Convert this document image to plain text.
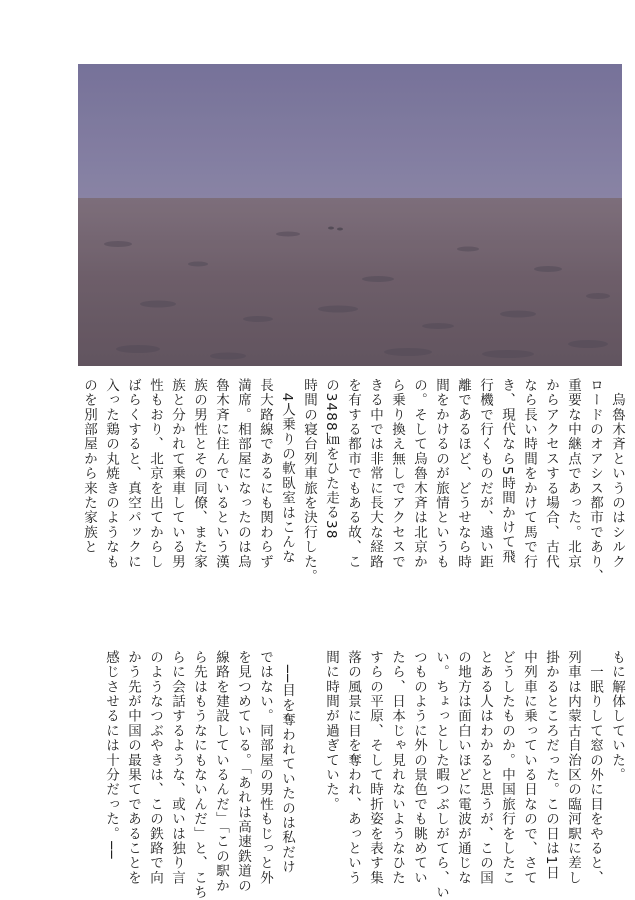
　烏魯木斉というのはシルク
ロードのオアシス都市であり、
重要な中継点であった。北京
からアクセスする場合、古代
なら長い時間をかけて馬で行
き、現代なら5時間かけて飛
行機で行くものだが、遠い距
離であるほど、どうせなら時
間をかけるのが旅情というも
の。そして烏魯木斉は北京か
ら乗り換え無しでアクセスで
きる中では非常に長大な経路
を有する都市でもある故、こ
の3488㎞をひた走る38
時間の寝台列車旅を決行した。
　4人乗りの軟臥室はこんな
長大路線であるにも関わらず
満席。相部屋になったのは烏
魯木斉に住んでいるという漢
族の男性とその同僚、また家
族と分かれて乗車している男
性もおり、北京を出てからし
ばらくすると、真空パックに
入った鶏の丸焼きのようなも
のを別部屋から来た家族と

もに解体していた。
　一眠りして窓の外に目をやると、
列車は内蒙古自治区の臨河駅に差し
掛かるところだった。この日は1日
中列車に乗っている日なので、さて
どうしたものか。中国旅行をしたこ
とある人はわかると思うが、この国
の地方は面白いほどに電波が通じな
い。ちょっとした暇つぶしがてら、い
つものように外の景色でも眺めてい
たら、日本じゃ見れないようなひた
すらの平原、そして時折姿を表す集
落の風景に目を奪われ、あっという
間に時間が過ぎていた。

　──目を奪われていたのは私だけ
ではない。同部屋の男性もじっと外
を見つめている。「あれは高速鉄道の
線路を建設しているんだ」「この駅か
ら先はもうなにもないんだ」と、こち
らに会話するような、或いは独り言
のようなつぶやきは、この鉄路で向
かう先が中国の最果てであることを
感じさせるには十分だった。──
